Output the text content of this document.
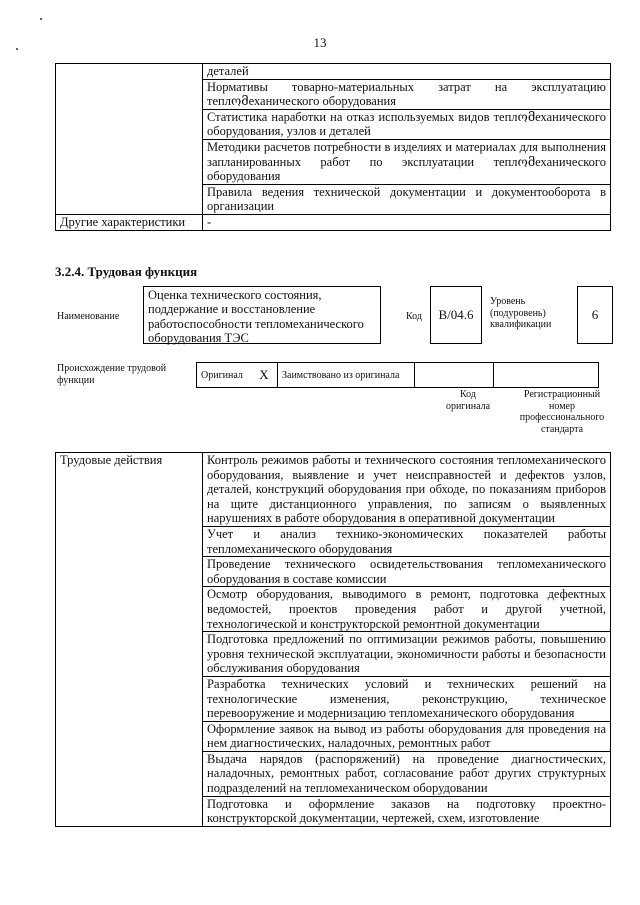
13
	деталей
	Нормативы товарно-материальных затрат на эксплуатацию теплომеханического оборудования
	Статистика наработки на отказ используемых видов теплომеханического оборудования, узлов и деталей
	Методики расчетов потребности в изделиях и материалах для выполнения запланированных работ по эксплуатации теплომеханического оборудования
	Правила ведения технической документации и документооборота в организации
Другие характеристики	-
3.2.4. Трудовая функция
Наименование
Оценка технического состояния, поддержание и восстановление работоспособности тепломеханического оборудования ТЭС
Код	В/04.6
Уровень (подуровень) квалификации
6
Происхождение трудовой функции	Оригинал	X	Заимствовано из оригинала		
Код оригинала
Регистрационный номер профессионального стандарта
Трудовые действия	Контроль режимов работы и технического состояния тепломеханического оборудования, выявление и учет неисправностей и дефектов узлов, деталей, конструкций оборудования при обходе, по показаниям приборов на щите дистанционного управления, по записям о выявленных нарушениях в работе оборудования в оперативной документации
Учет и анализ технико-экономических показателей работы тепломеханического оборудования
Проведение технического освидетельствования тепломеханического оборудования в составе комиссии
Осмотр оборудования, выводимого в ремонт, подготовка дефектных ведомостей, проектов проведения работ и другой учетной, технологической и конструкторской ремонтной документации
Подготовка предложений по оптимизации режимов работы, повышению уровня технической эксплуатации, экономичности работы и безопасности обслуживания оборудования
Разработка технических условий и технических решений на технологические изменения, реконструкцию, техническое перевооружение и модернизацию тепломеханического оборудования
Оформление заявок на вывод из работы оборудования для проведения на нем диагностических, наладочных, ремонтных работ
Выдача нарядов (распоряжений) на проведение диагностических, наладочных, ремонтных работ, согласование работ других структурных подразделений на тепломеханическом оборудовании
Подготовка и оформление заказов на подготовку проектно-конструкторской документации, чертежей, схем, изготовление
